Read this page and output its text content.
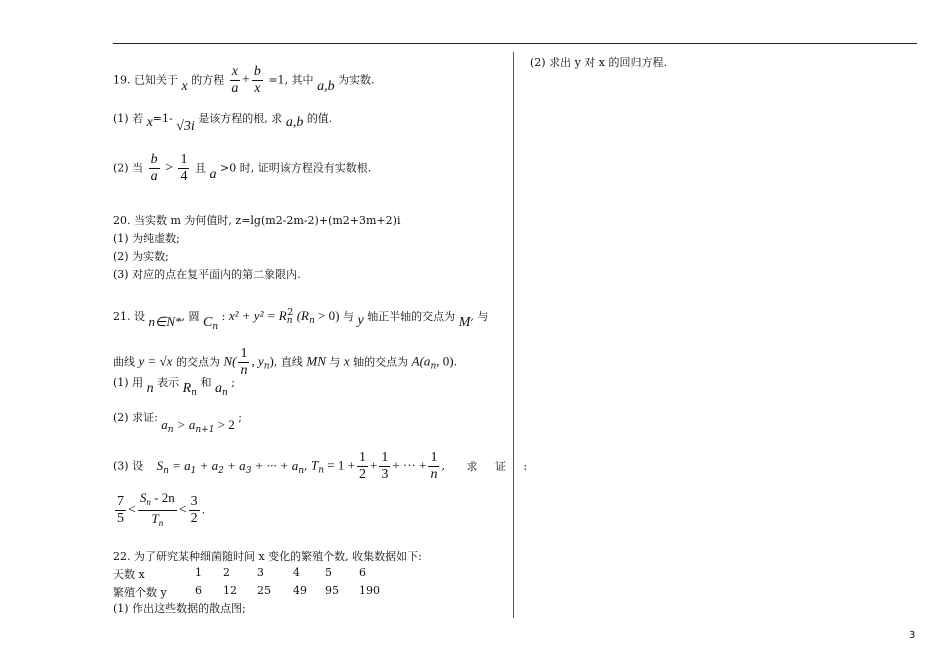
19. 已知关于 x 的方程 $\frac{x}{a} + \frac{b}{x} =1$, 其中 a,b 为实数.
(1) 若 x=1- √3i 是该方程的根, 求 a,b 的值.
(2) 当 $\frac{b}{a} > \frac{1}{4}$ 且 a >0 时, 证明该方程没有实数根.
20. 当实数 m 为何值时, z=lg(m2-2m-2)+(m2+3m+2)i
(1) 为纯虚数;
(2) 为实数;
(3) 对应的点在复平面内的第二象限内.
21. 设 n∈N*, 圆 $C_n$ : $x^2 + y^2 = R_n^2$ $(R_n > 0)$ 与 y 轴正半轴的交点为 M, 与
曲线 y = √x 的交点为 $N( \frac{1}{n}$ , $y_n$), 直线 MN 与 x 轴的交点为 $A(a_n$, 0).
(1) 用 n 表示 $R_n$ 和 $a_n$ ;
(2) 求证: $a_n > a_{n+1} > 2$ ;
(3) 设 $S_n = a_1 + a_2 + a_3$ + ··· + $a_n$, $T_n = 1 + \frac{1}{2} + \frac{1}{3}$ + ··· + $\frac{1}{n}$ , 求 证 :
$\frac{7}{5} < \frac{S_n - 2n}{T_n} < \frac{3}{2}$ .
22. 为了研究某种细菌随时间 x 变化的繁殖个数, 收集数据如下:
天数 x	1 2 3	4 5 6
繁殖个数 y	6 12 25 49 95 190
(1) 作出这些数据的散点图;
(2) 求出 y 对 x 的回归方程.
3
